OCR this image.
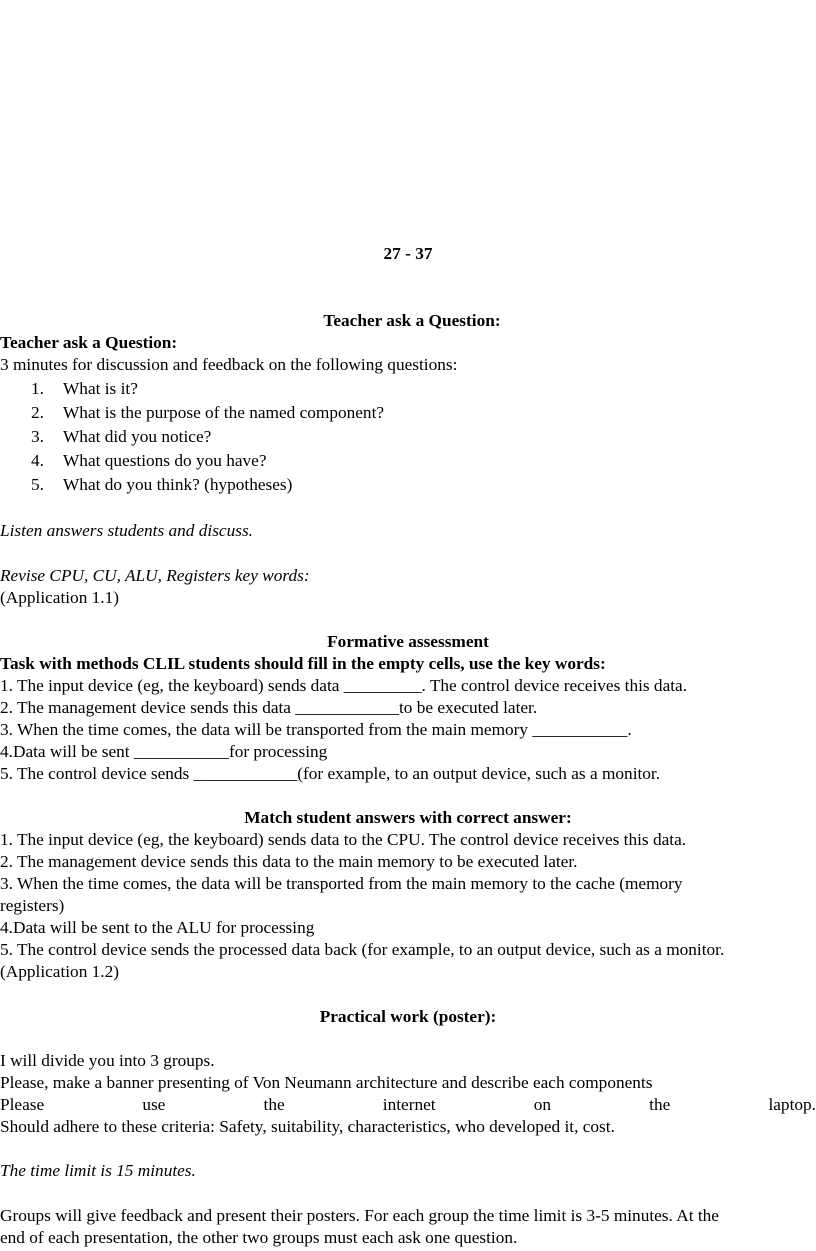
27 - 37
Teacher ask a Question:
Teacher ask a Question:
3 minutes for discussion and feedback on the following questions:
1. What is it?
2. What is the purpose of the named component?
3. What did you notice?
4. What questions do you have?
5. What do you think? (hypotheses)
Listen answers students and discuss.
Revise CPU, CU, ALU, Registers key words:
(Application 1.1)
Formative assessment
Task with methods CLIL students should fill in the empty cells, use the key words:
1. The input device (eg, the keyboard) sends data _________. The control device receives this data.
2. The management device sends this data ____________to be executed later.
3. When the time comes, the data will be transported from the main memory ___________.
4.Data will be sent ___________for processing
5. The control device sends ____________(for example, to an output device, such as a monitor.
Match student answers with correct answer:
1. The input device (eg, the keyboard) sends data to the CPU. The control device receives this data.
2. The management device sends this data to the main memory to be executed later.
3. When the time comes, the data will be transported from the main memory to the cache (memory
registers)
4.Data will be sent to the ALU for processing
5. The control device sends the processed data back (for example, to an output device, such as a monitor.
(Application 1.2)
Practical work (poster):
I will divide you into 3 groups.
Please, make a banner presenting of Von Neumann architecture and describe each components
Please	use	the	internet	on	the	laptop.
Should adhere to these criteria: Safety, suitability, characteristics, who developed it, cost.
The time limit is 15 minutes.
Groups will give feedback and present their posters. For each group the time limit is 3-5 minutes. At the
end of each presentation, the other two groups must each ask one question.
